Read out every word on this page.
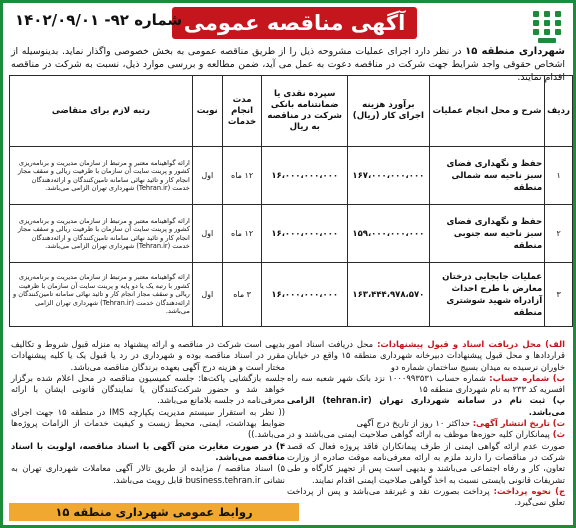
آگهی مناقصه عمومی
شماره ۹۲- ۱۴۰۲/۰۹/۰۱
شهرداری منطقه ۱۵ در نظر دارد اجرای عملیات مشروحه ذیل را از طریق مناقصه عمومی به بخش خصوصی واگذار نماید. بدینوسیله از اشخاص حقوقی واجد شرایط جهت شرکت در مناقصه دعوت به عمل می آید، ضمن مطالعه و بررسی موارد ذیل، نسبت به شرکت در مناقصه اقدام نمایند.
ردیف	شرح و محل انجام عملیات	برآورد هزینه اجرای کار (ریال)	سپرده نقدی یا ضمانتنامه بانکی شرکت در مناقصه به ریال	مدت انجام خدمات	نوبت	رتبه لازم برای متقاضی
۱	حفظ و نگهداری فضای سبز ناحیه سه شمالی منطقه	۱۶۷،۰۰۰،۰۰۰،۰۰۰	۱۶،۰۰۰،۰۰۰،۰۰۰	۱۲ ماه	اول	ارائه گواهینامه معتبر و مرتبط از سازمان مدیریت و برنامه‌ریزی کشور و پرینت سایت آن سازمان با ظرفیت ریالی و سقف مجاز انجام کار و تائید نهائی سامانه تامین‌کنندگان و ارائه‌دهندگان خدمت (Tehran.ir) شهرداری تهران الزامی می‌باشد.
۲	حفظ و نگهداری فضای سبز ناحیه سه جنوبی منطقه	۱۵۹،۰۰۰،۰۰۰،۰۰۰	۱۶،۰۰۰،۰۰۰،۰۰۰	۱۲ ماه	اول	ارائه گواهینامه معتبر و مرتبط از سازمان مدیریت و برنامه‌ریزی کشور و پرینت سایت آن سازمان با ظرفیت ریالی و سقف مجاز انجام کار و تائید نهائی سامانه تامین‌کنندگان و ارائه‌دهندگان خدمت (Tehran.ir) شهرداری تهران الزامی می‌باشد.
۳	عملیات جابجایی درختان معارض با طرح احداث آزادراه شهید شوشتری منطقه	۱۶۳،۴۴۴،۹۷۸،۵۷۰	۱۶،۰۰۰،۰۰۰،۰۰۰	۳ ماه	اول	ارائه گواهینامه معتبر و مرتبط از سازمان مدیریت و برنامه‌ریزی کشور با رتبه یک یا دو پایه و پرینت سایت آن سازمان با ظرفیت ریالی و سقف مجاز انجام کار و تائید نهائی سامانه تامین‌کنندگان و ارائه‌دهندگان خدمت (Tehran.ir) شهرداری تهران الزامی می‌باشد.
الف) محل دریافت اسناد و قبول پیشنهادات: محل دریافت اسناد امور قراردادها و محل قبول پیشنهادات دبیرخانه شهرداری منطقه ۱۵ واقع در خیابان خاوران نرسیده به میدان بسیج ساختمان شماره دو
ب) شماره حساب: شماره حساب ۱۰۰۰۹۹۳۵۳۱ نزد بانک شهر شعبه سه راه افسریه کد ۲۳۳ به نام شهرداری منطقه ۱۵
پ) ثبت نام در سامانه شهرداری تهران (tehran.ir) الزامی می‌باشد.
ت) تاریخ انتشار آگهی: حداکثر ۱۰ روز از تاریخ درج آگهی
ث) پیمانکاران کلیه حوزه‌ها موظف به ارائه گواهی صلاحیت ایمنی می‌باشند و در صورت عدم ارائه گواهی ایمنی از طرف پیمانکاران فاقد پروژه فعال که قصد شرکت در مناقصات را دارند ملزم به ارائه معرفی‌نامه موقت صادره از وزارت تعاون، کار و رفاه اجتماعی می‌باشند و بدیهی است پس از تجهیز کارگاه و طی تشریفات قانونی بایستی نسبت به اخذ گواهی صلاحیت ایمنی اقدام نمایند.
ج) نحوه پرداخت: پرداخت بصورت نقد و غیرنقد می‌باشد و پس از پرداخت تعلق نمی‌گیرد.
بدیهی است شرکت در مناقصه و ارائه پیشنهاد به منزله قبول شروط و تکالیف مقرر در اسناد مناقصه بوده و شهرداری در رد یا قبول یک یا کلیه پیشنهادات مختار است و هزینه درج آگهی بعهده برندگان مناقصه می‌باشد.
جلسه بازگشایی پاکت‌ها: جلسه کمیسیون مناقصه در محل اعلام شده برگزار خواهد شد و حضور شرکت‌کنندگان یا نمایندگان قانونی ایشان با ارائه معرفی‌نامه در جلسه بلامانع می‌باشد.
(( نظر به استقرار سیستم مدیریت یکپارچه IMS در منطقه ۱۵ جهت اجرای ضوابط بهداشت، ایمنی، محیط زیست و کیفیت خدمات از الزامات پروژه‌ها می‌باشد.))
۴) در صورت مغایرت متن آگهی با اسناد مناقصه، اولویت با اسناد مناقصه می‌باشد.
۵) اسناد مناقصه / مزایده از طریق تالار آگهی معاملات شهرداری تهران به نشانی business.tehran.ir قابل رویت می‌باشد.
روابط عمومی شهرداری منطقه ۱۵
